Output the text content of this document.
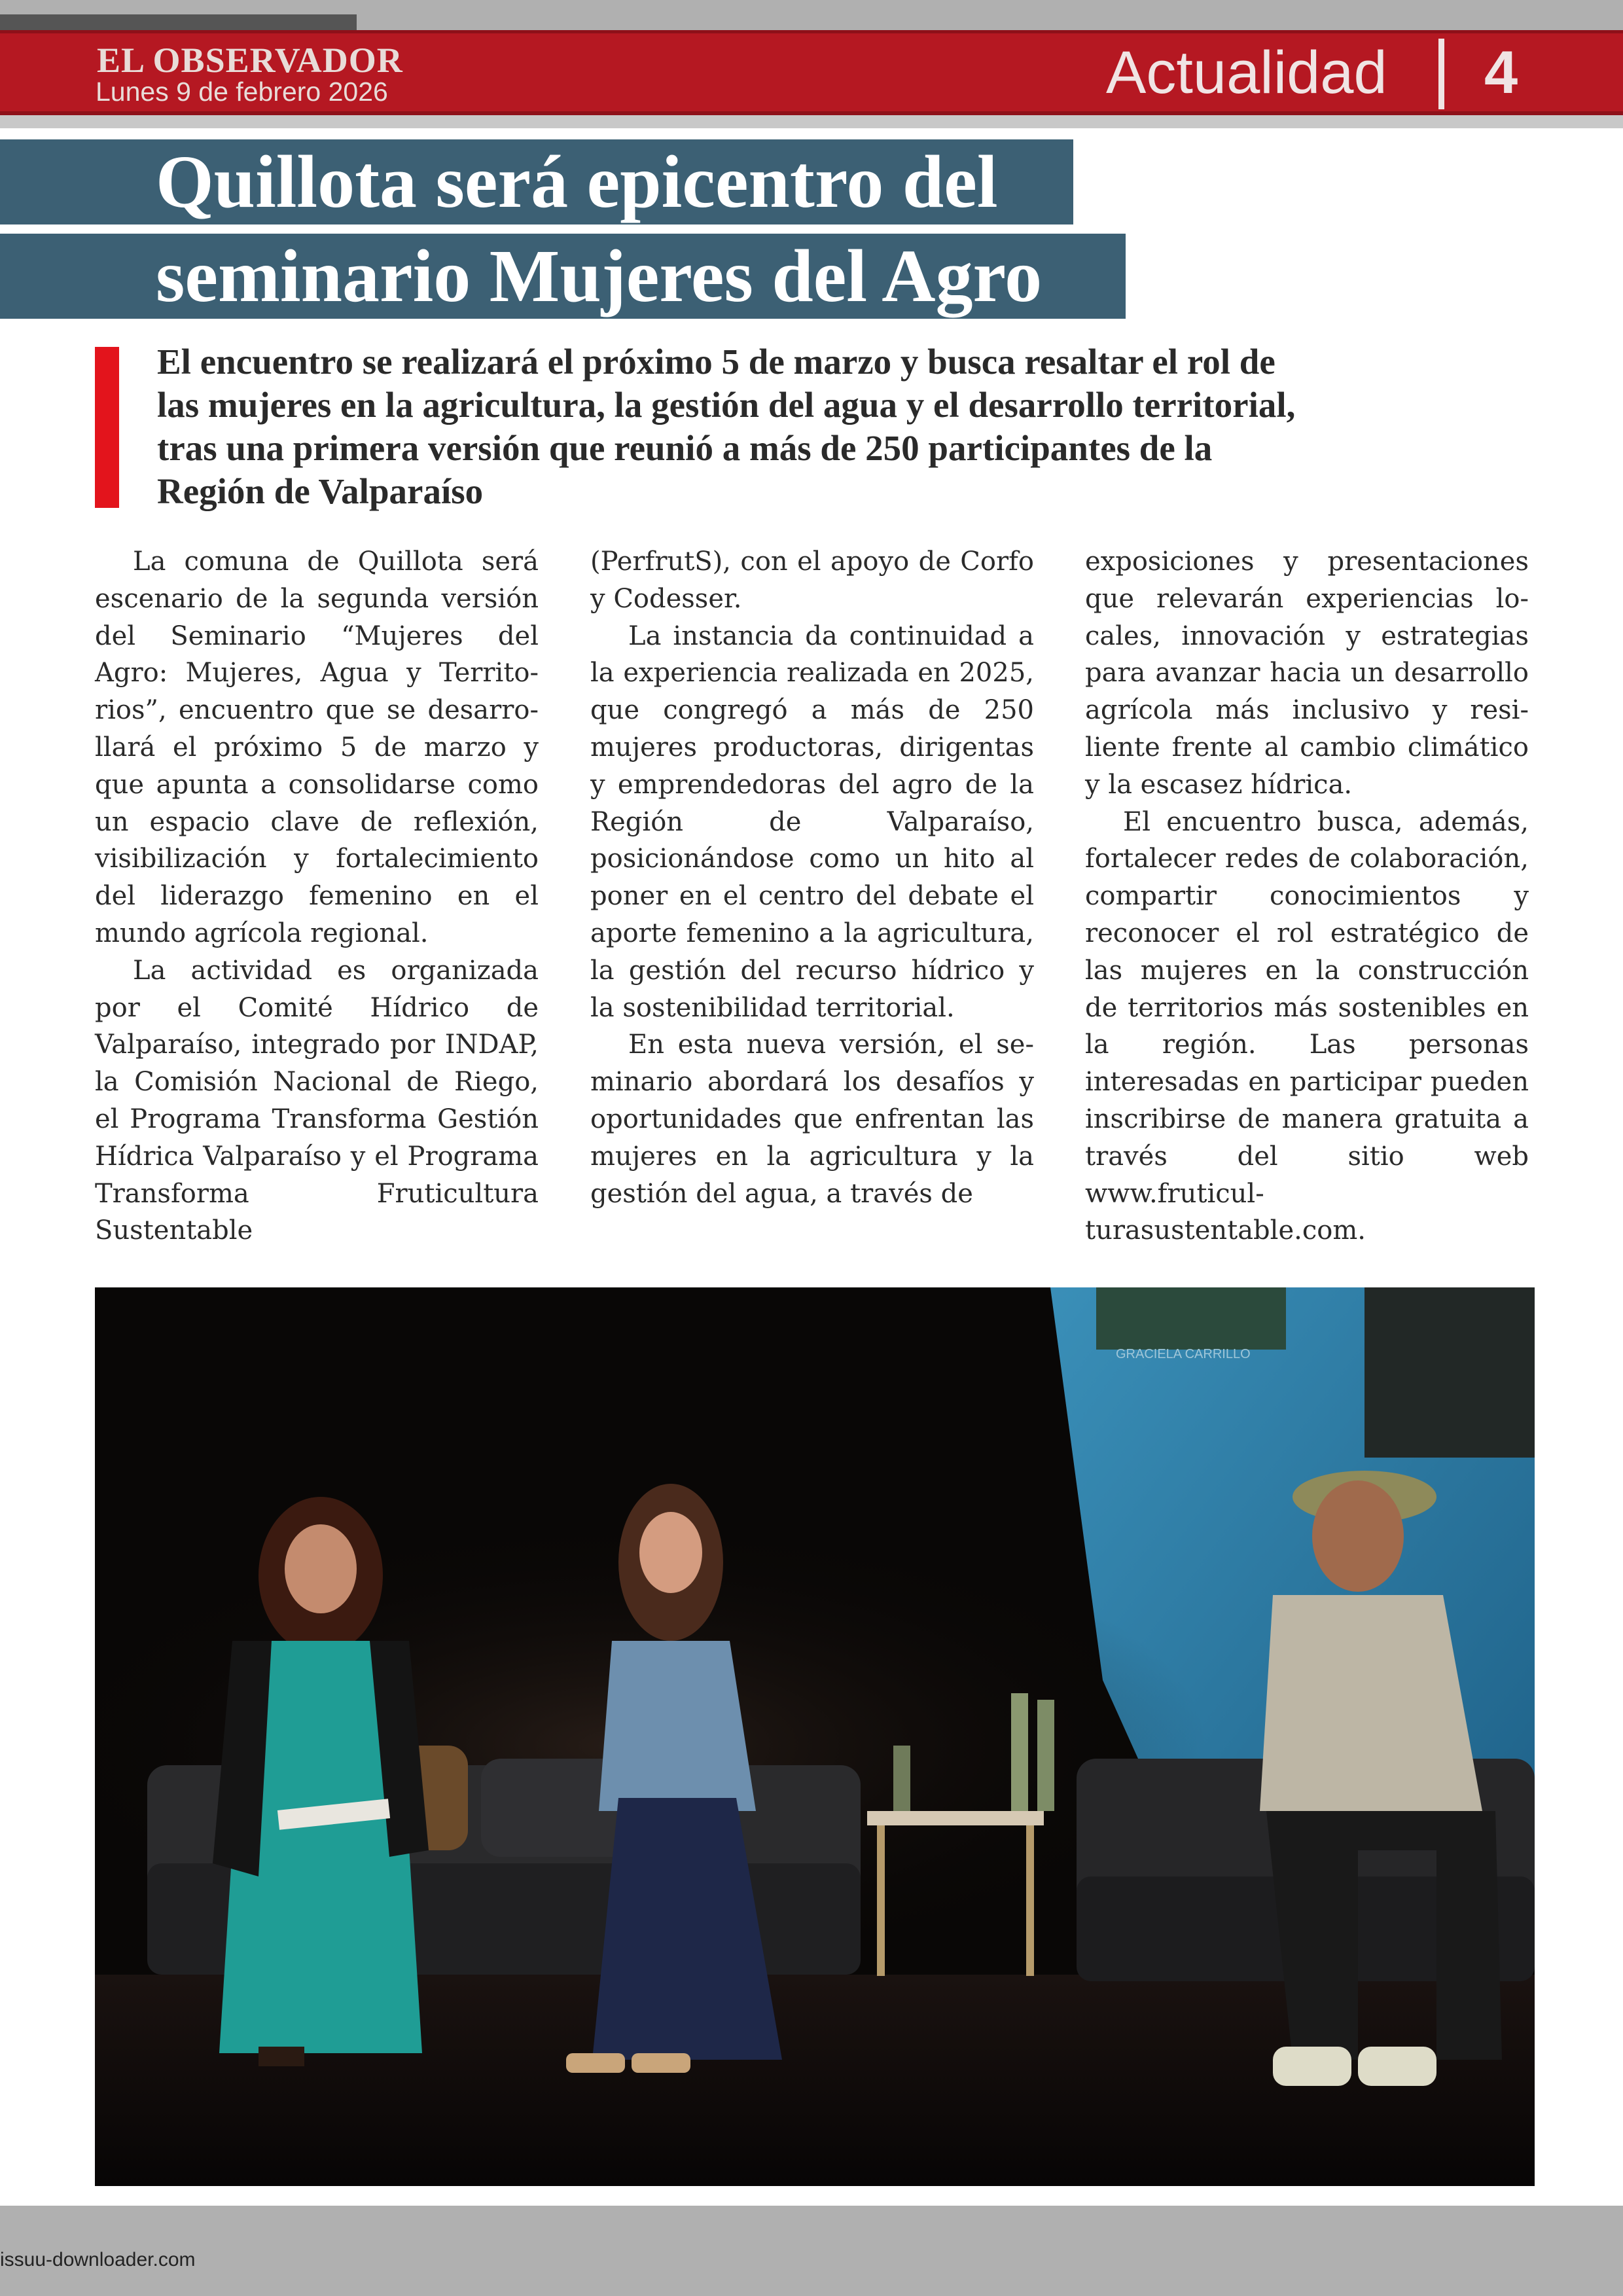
EL OBSERVADOR
Lunes 9 de febrero 2026	Actualidad 4
Quillota será epicentro del
seminario Mujeres del Agro

El encuentro se realizará el próximo 5 de marzo y busca resaltar el rol de las mujeres en la agricultura, la gestión del agua y el desarrollo territorial, tras una primera versión que reunió a más de 250 participantes de la Región de Valparaíso

La comuna de Quillota será escenario de la segunda versión del Seminario “Mujeres del Agro: Mujeres, Agua y Territorios”, encuentro que se desarrollará el próximo 5 de marzo y que apunta a consolidarse como un espacio clave de reflexión, visibilización y fortalecimiento del liderazgo femenino en el mundo agrícola regional.

La actividad es organizada por el Comité Hídrico de Valparaíso, integrado por INDAP, la Comisión Nacional de Riego, el Programa Transforma Gestión Hídrica Valparaíso y el Programa Transforma Fruticultura Sustentable

(PerfrutS), con el apoyo de Corfo y Codesser.

La instancia da continuidad a la experiencia realizada en 2025, que congregó a más de 250 mujeres productoras, dirigentas y emprendedoras del agro de la Región de Valparaíso, posicionándose como un hito al poner en el centro del debate el aporte femenino a la agricultura, la gestión del recurso hídrico y la sostenibilidad territorial.

En esta nueva versión, el seminario abordará los desafíos y oportunidades que enfrentan las mujeres en la agricultura y la gestión del agua, a través de

exposiciones y presentaciones que relevarán experiencias locales, innovación y estrategias para avanzar hacia un desarrollo agrícola más inclusivo y resiliente frente al cambio climático y la escasez hídrica.

El encuentro busca, además, fortalecer redes de colaboración, compartir conocimientos y reconocer el rol estratégico de las mujeres en la construcción de territorios más sostenibles en la región. Las personas interesadas en participar pueden inscribirse de manera gratuita a través del sitio web www.fruticulturasustentable.com.

GRACIELA CARRILLO
issuu-downloader.com
